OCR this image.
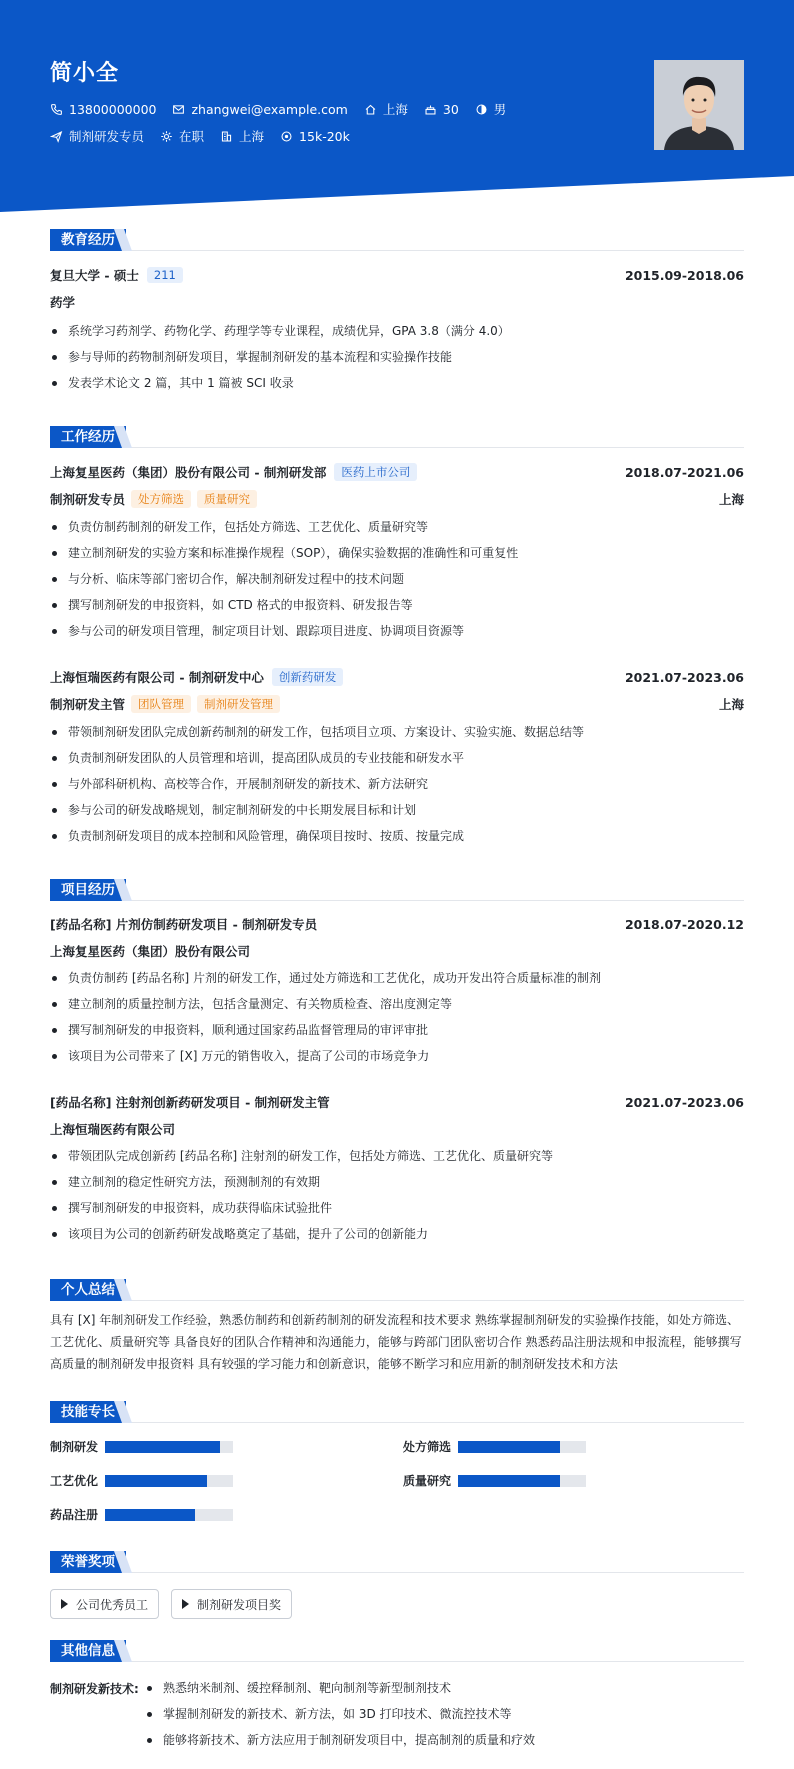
简小全
13800000000	zhangwei@example.com	上海	30	男
制剂研发专员	在职	上海	15k-20k
教育经历
复旦大学 - 硕士	211	2015.09-2018.06
药学
系统学习药剂学、药物化学、药理学等专业课程，成绩优异，GPA 3.8（满分 4.0）
参与导师的药物制剂研发项目，掌握制剂研发的基本流程和实验操作技能
发表学术论文 2 篇，其中 1 篇被 SCI 收录
工作经历
上海复星医药（集团）股份有限公司 - 制剂研发部	医药上市公司	2018.07-2021.06
制剂研发专员	处方筛选	质量研究	上海
负责仿制药制剂的研发工作，包括处方筛选、工艺优化、质量研究等
建立制剂研发的实验方案和标准操作规程（SOP），确保实验数据的准确性和可重复性
与分析、临床等部门密切合作，解决制剂研发过程中的技术问题
撰写制剂研发的申报资料，如 CTD 格式的申报资料、研发报告等
参与公司的研发项目管理，制定项目计划、跟踪项目进度、协调项目资源等
上海恒瑞医药有限公司 - 制剂研发中心	创新药研发	2021.07-2023.06
制剂研发主管	团队管理	制剂研发管理	上海
带领制剂研发团队完成创新药制剂的研发工作，包括项目立项、方案设计、实验实施、数据总结等
负责制剂研发团队的人员管理和培训，提高团队成员的专业技能和研发水平
与外部科研机构、高校等合作，开展制剂研发的新技术、新方法研究
参与公司的研发战略规划，制定制剂研发的中长期发展目标和计划
负责制剂研发项目的成本控制和风险管理，确保项目按时、按质、按量完成
项目经历
[药品名称] 片剂仿制药研发项目 - 制剂研发专员	2018.07-2020.12
上海复星医药（集团）股份有限公司
负责仿制药 [药品名称] 片剂的研发工作，通过处方筛选和工艺优化，成功开发出符合质量标准的制剂
建立制剂的质量控制方法，包括含量测定、有关物质检查、溶出度测定等
撰写制剂研发的申报资料，顺利通过国家药品监督管理局的审评审批
该项目为公司带来了 [X] 万元的销售收入，提高了公司的市场竞争力
[药品名称] 注射剂创新药研发项目 - 制剂研发主管	2021.07-2023.06
上海恒瑞医药有限公司
带领团队完成创新药 [药品名称] 注射剂的研发工作，包括处方筛选、工艺优化、质量研究等
建立制剂的稳定性研究方法，预测制剂的有效期
撰写制剂研发的申报资料，成功获得临床试验批件
该项目为公司的创新药研发战略奠定了基础，提升了公司的创新能力
个人总结
具有 [X] 年制剂研发工作经验，熟悉仿制药和创新药制剂的研发流程和技术要求 熟练掌握制剂研发的实验操作技能，如处方筛选、
工艺优化、质量研究等 具备良好的团队合作精神和沟通能力，能够与跨部门团队密切合作 熟悉药品注册法规和申报流程，能够撰写
高质量的制剂研发申报资料 具有较强的学习能力和创新意识，能够不断学习和应用新的制剂研发技术和方法
技能专长
制剂研发	处方筛选
工艺优化	质量研究
药品注册
荣誉奖项
公司优秀员工	制剂研发项目奖
其他信息
制剂研发新技术:	熟悉纳米制剂、缓控释制剂、靶向制剂等新型制剂技术
掌握制剂研发的新技术、新方法，如 3D 打印技术、微流控技术等
能够将新技术、新方法应用于制剂研发项目中，提高制剂的质量和疗效
